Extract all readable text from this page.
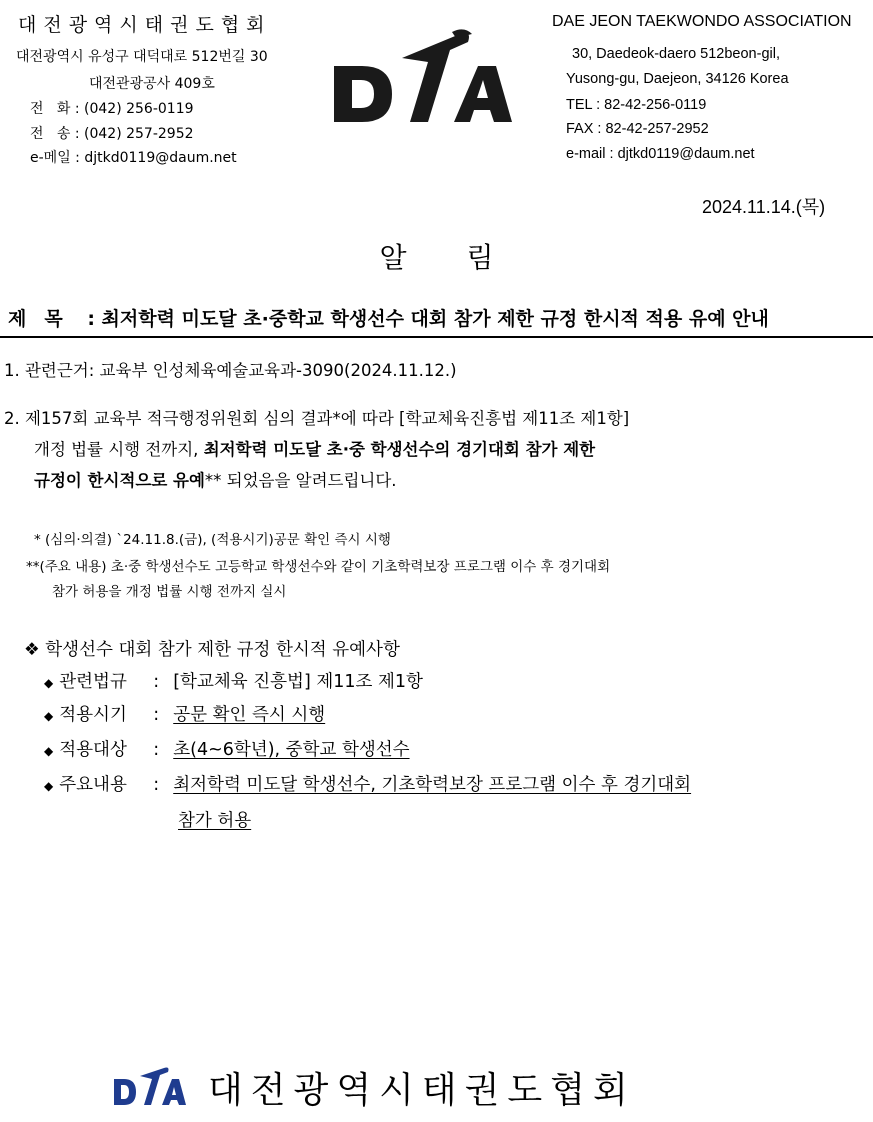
대전광역시태권도협회
대전광역시 유성구 대덕대로 512번길 30
대전관광공사 409호
전   화 : (042) 256-0119
전   송 : (042) 257-2952
e-메일 : djtkd0119@daum.net
DAE JEON TAEKWONDO ASSOCIATION
30, Daedeok-daero 512beon-gil,
Yusong-gu, Daejeon, 34126 Korea
TEL : 82-42-256-0119
FAX : 82-42-257-2952
e-mail : djtkd0119@daum.net
2024.11.14.(목)
알림
제목 : 최저학력 미도달 초·중학교 학생선수 대회 참가 제한 규정 한시적 적용 유예 안내
1. 관련근거: 교육부 인성체육예술교육과-3090(2024.11.12.)
2. 제157회 교육부 적극행정위원회 심의 결과*에 따라 [학교체육진흥법 제11조 제1항]
개정 법률 시행 전까지, 최저학력 미도달 초·중 학생선수의 경기대회 참가 제한
규정이 한시적으로 유예** 되었음을 알려드립니다.
* (심의·의결) `24.11.8.(금), (적용시기)공문 확인 즉시 시행
**(주요 내용) 초·중 학생선수도 고등학교 학생선수와 같이 기초학력보장 프로그램 이수 후 경기대회
참가 허용을 개정 법률 시행 전까지 실시
❖ 학생선수 대회 참가 제한 규정 한시적 유예사항
◆ 관련법규 : [학교체육 진흥법] 제11조 제1항
◆ 적용시기 : 공문 확인 즉시 시행
◆ 적용대상 : 초(4~6학년), 중학교 학생선수
◆ 주요내용 : 최저학력 미도달 학생선수, 기초학력보장 프로그램 이수 후 경기대회
참가 허용
대전광역시태권도협회
